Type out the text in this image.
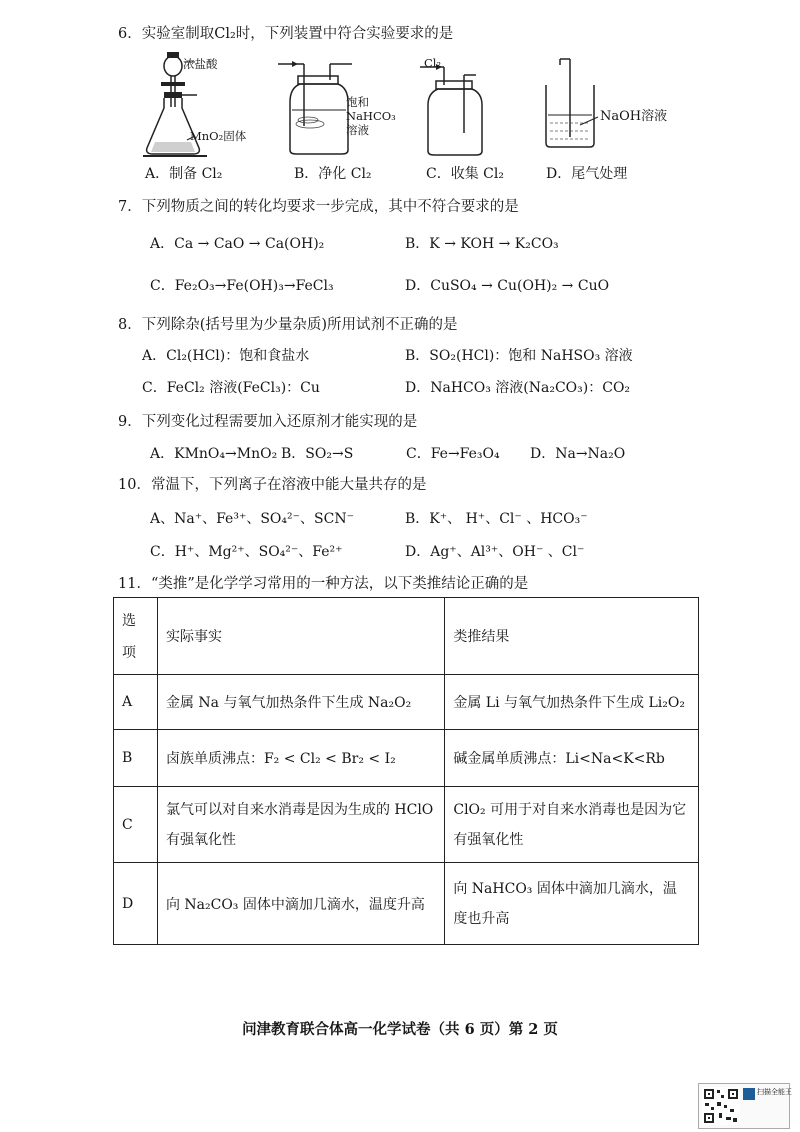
6．实验室制取Cl₂时，下列装置中符合实验要求的是
浓盐酸
MnO₂固体
饱和
NaHCO₃
溶液
Cl₂
NaOH溶液
A．制备 Cl₂	B．净化 Cl₂	C．收集 Cl₂	D．尾气处理
7．下列物质之间的转化均要求一步完成，其中不符合要求的是
A．Ca → CaO → Ca(OH)₂	B．K → KOH → K₂CO₃
C．Fe₂O₃→Fe(OH)₃→FeCl₃	D．CuSO₄ → Cu(OH)₂ → CuO
8．下列除杂(括号里为少量杂质)所用试剂不正确的是
A．Cl₂(HCl)：饱和食盐水	B．SO₂(HCl)：饱和 NaHSO₃ 溶液
C．FeCl₂ 溶液(FeCl₃)：Cu	D．NaHCO₃ 溶液(Na₂CO₃)：CO₂
9．下列变化过程需要加入还原剂才能实现的是
A．KMnO₄→MnO₂ B．SO₂→S	C．Fe→Fe₃O₄ D．Na→Na₂O
10．常温下，下列离子在溶液中能大量共存的是
A、Na⁺、Fe³⁺、SO₄²⁻、SCN⁻	B．K⁺、 H⁺、Cl⁻ 、HCO₃⁻
C．H⁺、Mg²⁺、SO₄²⁻、Fe²⁺	D．Ag⁺、Al³⁺、OH⁻ 、Cl⁻
11．“类推”是化学学习常用的一种方法，以下类推结论正确的是
选
项	实际事实	类推结果
A	金属 Na 与氧气加热条件下生成 Na₂O₂	金属 Li 与氧气加热条件下生成 Li₂O₂
B	卤族单质沸点：F₂ < Cl₂ < Br₂ < I₂	碱金属单质沸点：Li<Na<K<Rb
C	氯气可以对自来水消毒是因为生成的 HClO 有强氧化性	ClO₂ 可用于对自来水消毒也是因为它有强氧化性
D	向 Na₂CO₃ 固体中滴加几滴水，温度升高	向 NaHCO₃ 固体中滴加几滴水，温度也升高
问津教育联合体高一化学试卷（共 6 页）第 2 页
扫描全能王
